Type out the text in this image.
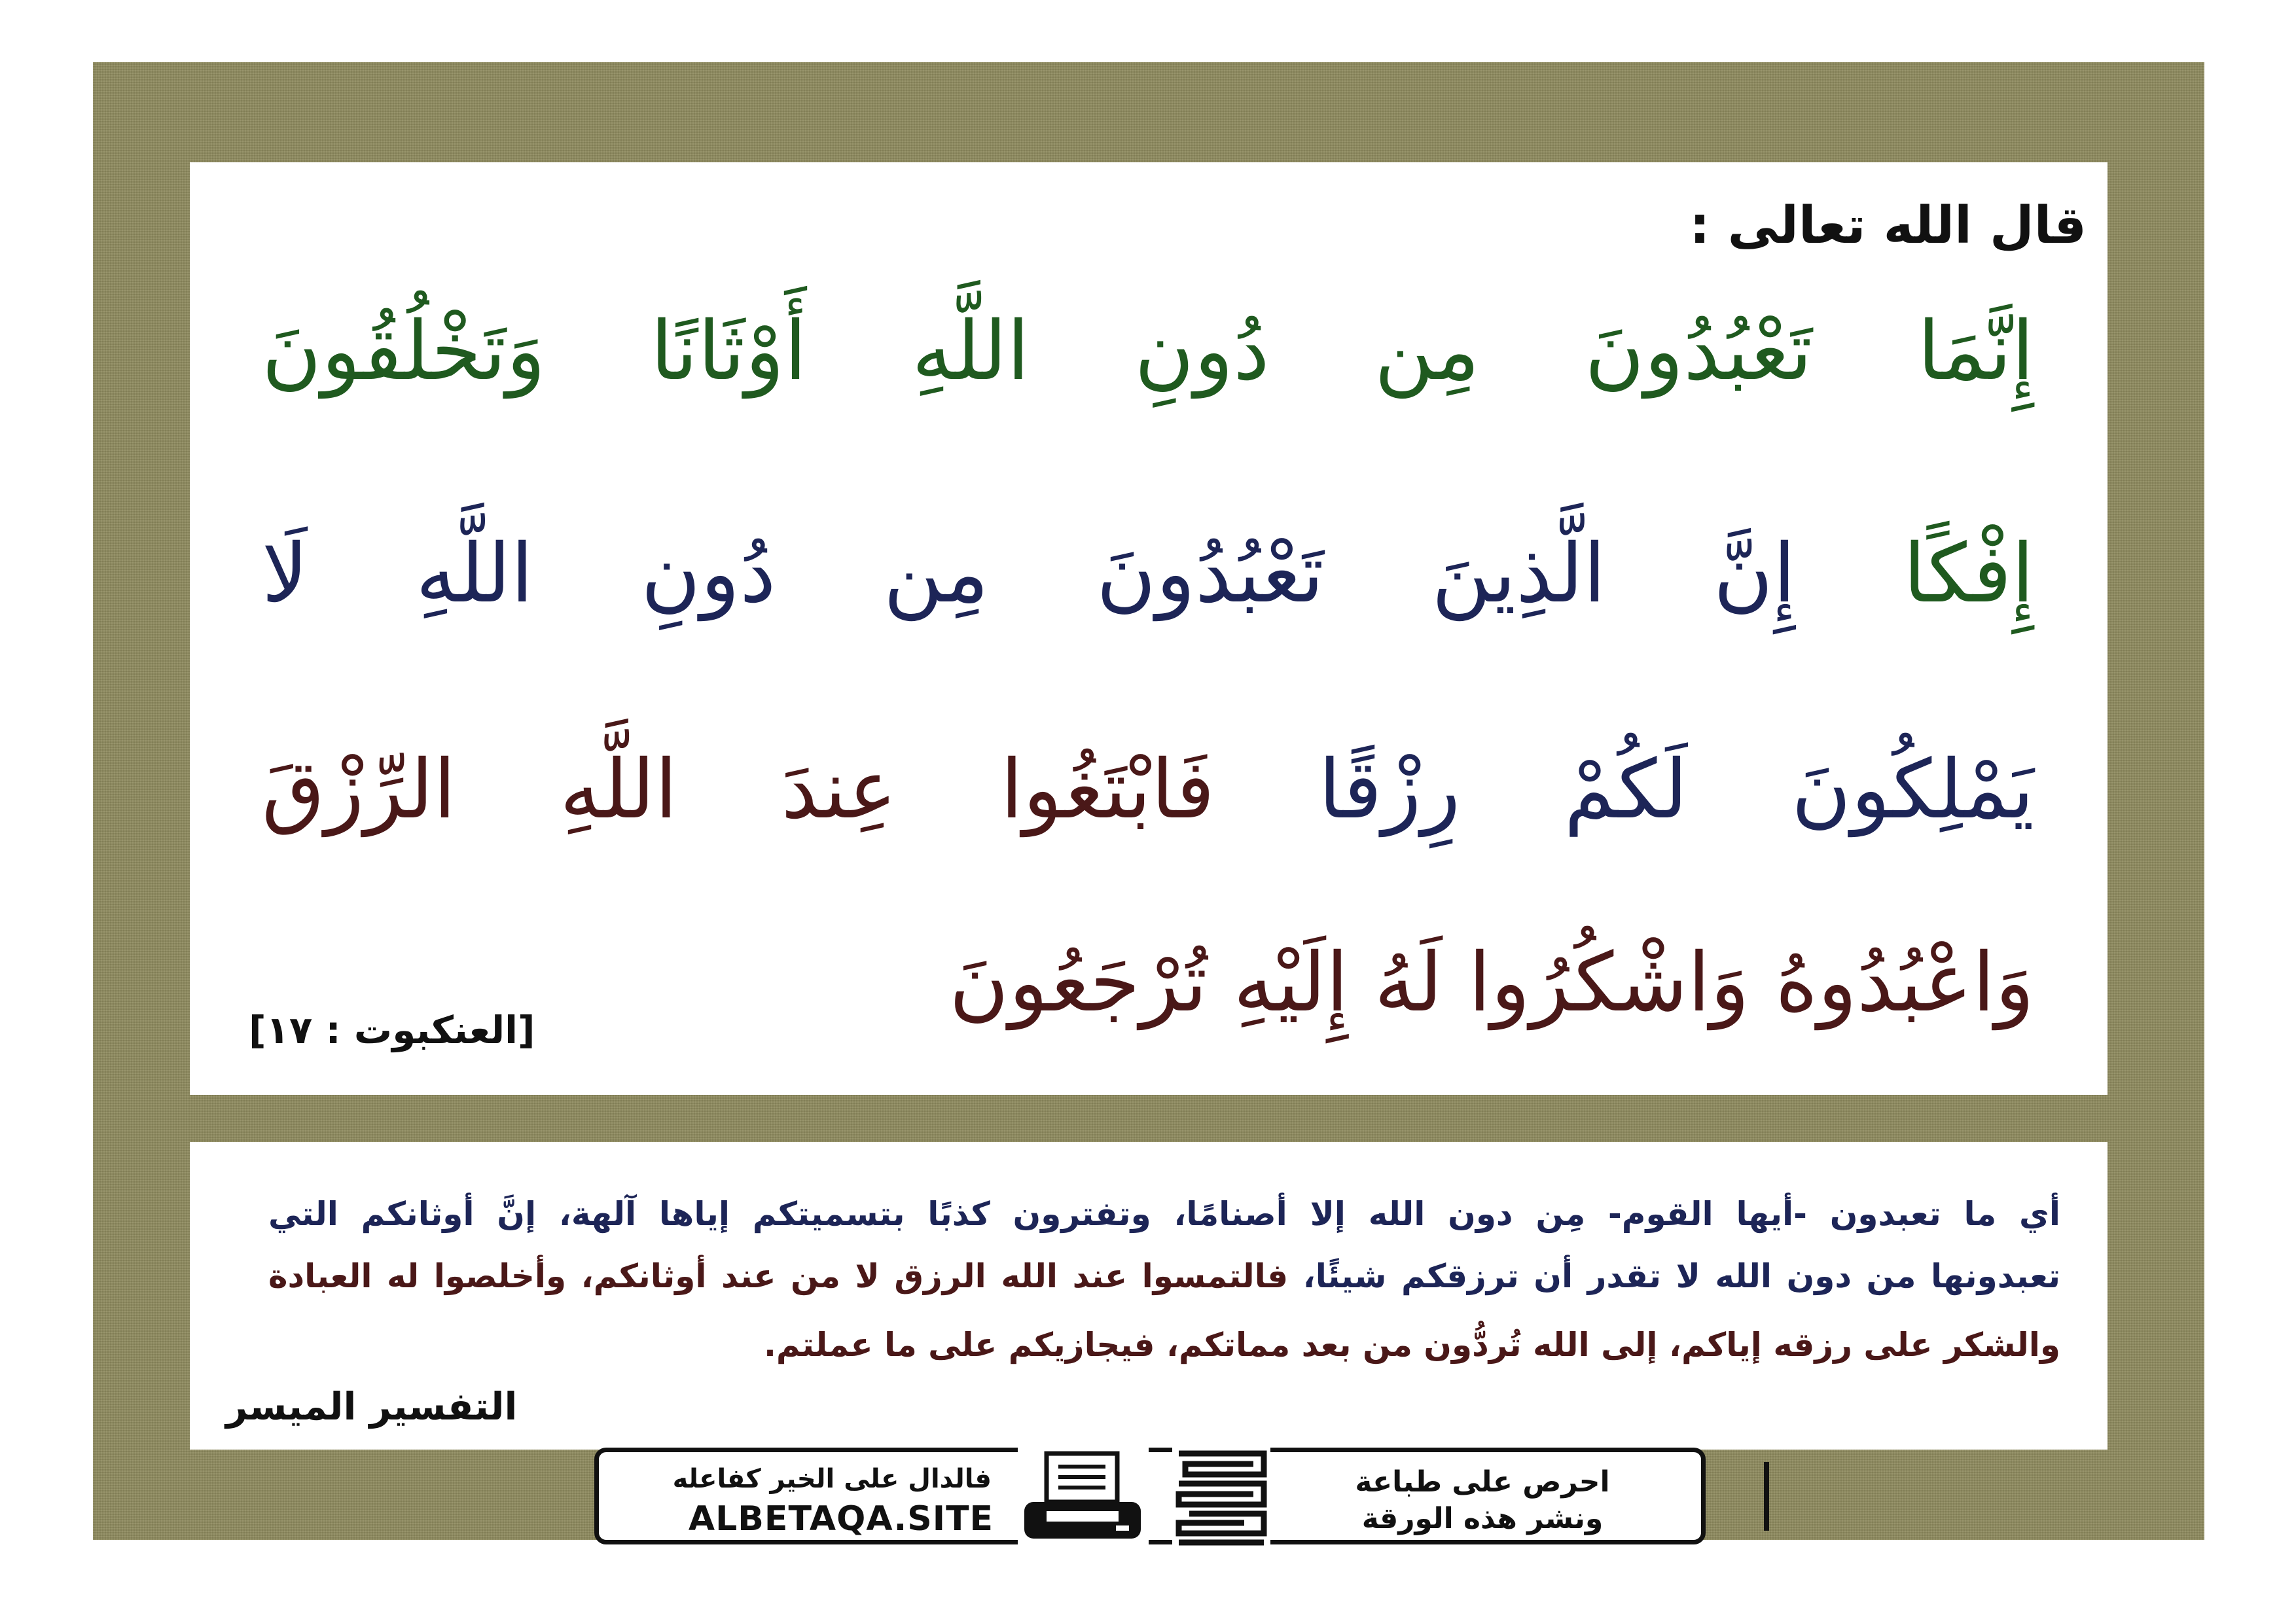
قال الله تعالى :
إِنَّمَا تَعْبُدُونَ مِن دُونِ اللَّهِ أَوْثَانًا وَتَخْلُقُونَ
إِفْكًا إِنَّ الَّذِينَ تَعْبُدُونَ مِن دُونِ اللَّهِ لَا
يَمْلِكُونَ لَكُمْ رِزْقًا فَابْتَغُوا عِندَ اللَّهِ الرِّزْقَ
وَاعْبُدُوهُ وَاشْكُرُوا لَهُ إِلَيْهِ تُرْجَعُونَ
[العنكبوت : ١٧]
أي ما تعبدون -أيها القوم- مِن دون الله إلا أصنامًا، وتفترون كذبًا بتسميتكم إياها آلهة، إنَّ أوثانكم التي
تعبدونها من دون الله لا تقدر أن ترزقكم شيئًا، فالتمسوا عند الله الرزق لا من عند أوثانكم، وأخلصوا له العبادة
والشكر على رزقه إياكم، إلى الله تُردُّون من بعد مماتكم، فيجازيكم على ما عملتم.
التفسير الميسر
فالدال على الخير كفاعله
ALBETAQA.SITE
احرص على طباعة
ونشر هذه الورقة
